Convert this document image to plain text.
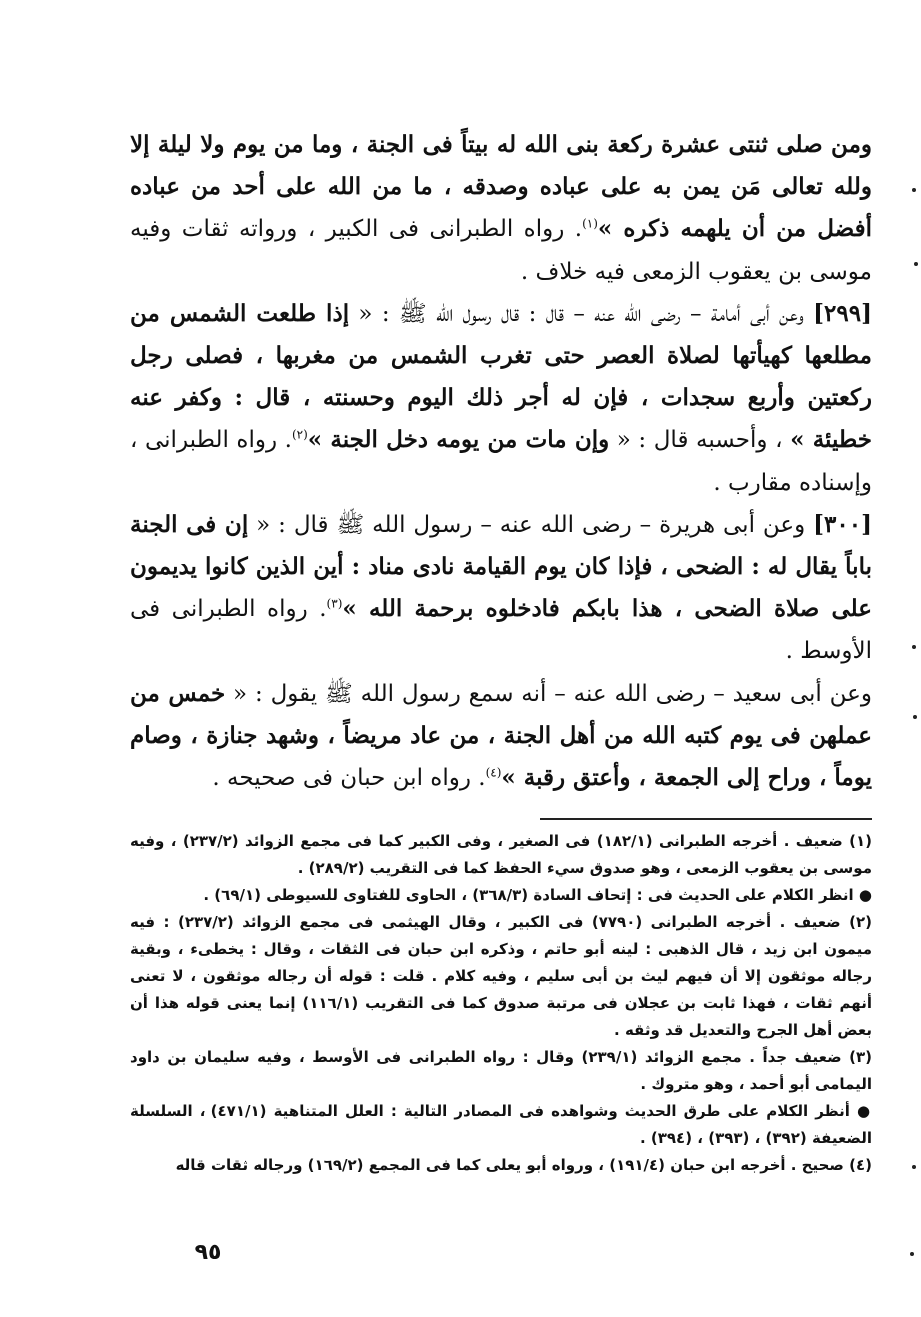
ومن صلى ثنتى عشرة ركعة بنى الله له بيتاً فى الجنة ، وما من يوم ولا ليلة إلا ولله تعالى مَن يمن به على عباده وصدقه ، ما من الله على أحد من عباده أفضل من أن يلهمه ذكره »$^{(١)}$. رواه الطبرانى فى الكبير ، ورواته ثقات وفيه موسى بن يعقوب الزمعى فيه خلاف .

[٢٩٩] وعن أبى أمامة – رضى الله عنه – قال : قال رسول الله ﷺ : « إذا طلعت الشمس من مطلعها كهيأتها لصلاة العصر حتى تغرب الشمس من مغربها ، فصلى رجل ركعتين وأربع سجدات ، فإن له أجر ذلك اليوم وحسنته ، قال : وكفر عنه خطيئة » ، وأحسبه قال : « وإن مات من يومه دخل الجنة »$^{(٢)}$. رواه الطبرانى ، وإسناده مقارب .

[٣٠٠] وعن أبى هريرة – رضى الله عنه – رسول الله ﷺ قال : « إن فى الجنة باباً يقال له : الضحى ، فإذا كان يوم القيامة نادى مناد : أين الذين كانوا يديمون على صلاة الضحى ، هذا بابكم فادخلوه برحمة الله »$^{(٣)}$. رواه الطبرانى فى الأوسط .

وعن أبى سعيد – رضى الله عنه – أنه سمع رسول الله ﷺ يقول : « خمس من عملهن فى يوم كتبه الله من أهل الجنة ، من عاد مريضاً ، وشهد جنازة ، وصام يوماً ، وراح إلى الجمعة ، وأعتق رقبة »$^{(٤)}$. رواه ابن حبان فى صحيحه .

(١) ضعيف . أخرجه الطبرانى (١٨٢/١) فى الصغير ، وفى الكبير كما فى مجمع الزوائد (٢٣٧/٢) ، وفيه موسى بن يعقوب الزمعى ، وهو صدوق سيء الحفظ كما فى التقريب (٢٨٩/٢) .

● انظر الكلام على الحديث فى : إتحاف السادة (٣٦٨/٣) ، الحاوى للفتاوى للسيوطى (٦٩/١) .

(٢) ضعيف . أخرجه الطبرانى (٧٧٩٠) فى الكبير ، وقال الهيثمى فى مجمع الزوائد (٢٣٧/٢) : فيه ميمون ابن زيد ، قال الذهبى : لينه أبو حاتم ، وذكره ابن حبان فى الثقات ، وقال : يخطىء ، وبقية رجاله موثقون إلا أن فيهم ليث بن أبى سليم ، وفيه كلام . قلت : قوله أن رجاله موثقون ، لا تعنى أنهم ثقات ، فهذا ثابت بن عجلان فى مرتبة صدوق كما فى التقريب (١١٦/١) إنما يعنى قوله هذا أن بعض أهل الجرح والتعديل قد وثقه .

(٣) ضعيف جداً . مجمع الزوائد (٢٣٩/١) وقال : رواه الطبرانى فى الأوسط ، وفيه سليمان بن داود اليمامى أبو أحمد ، وهو متروك .

● أنظر الكلام على طرق الحديث وشواهده فى المصادر التالية : العلل المتناهية (٤٧١/١) ، السلسلة الضعيفة (٣٩٢) ، (٣٩٣) ، (٣٩٤) .

(٤) صحيح . أخرجه ابن حبان (١٩١/٤) ، ورواه أبو يعلى كما فى المجمع (١٦٩/٢) ورجاله ثقات قاله

٩٥
